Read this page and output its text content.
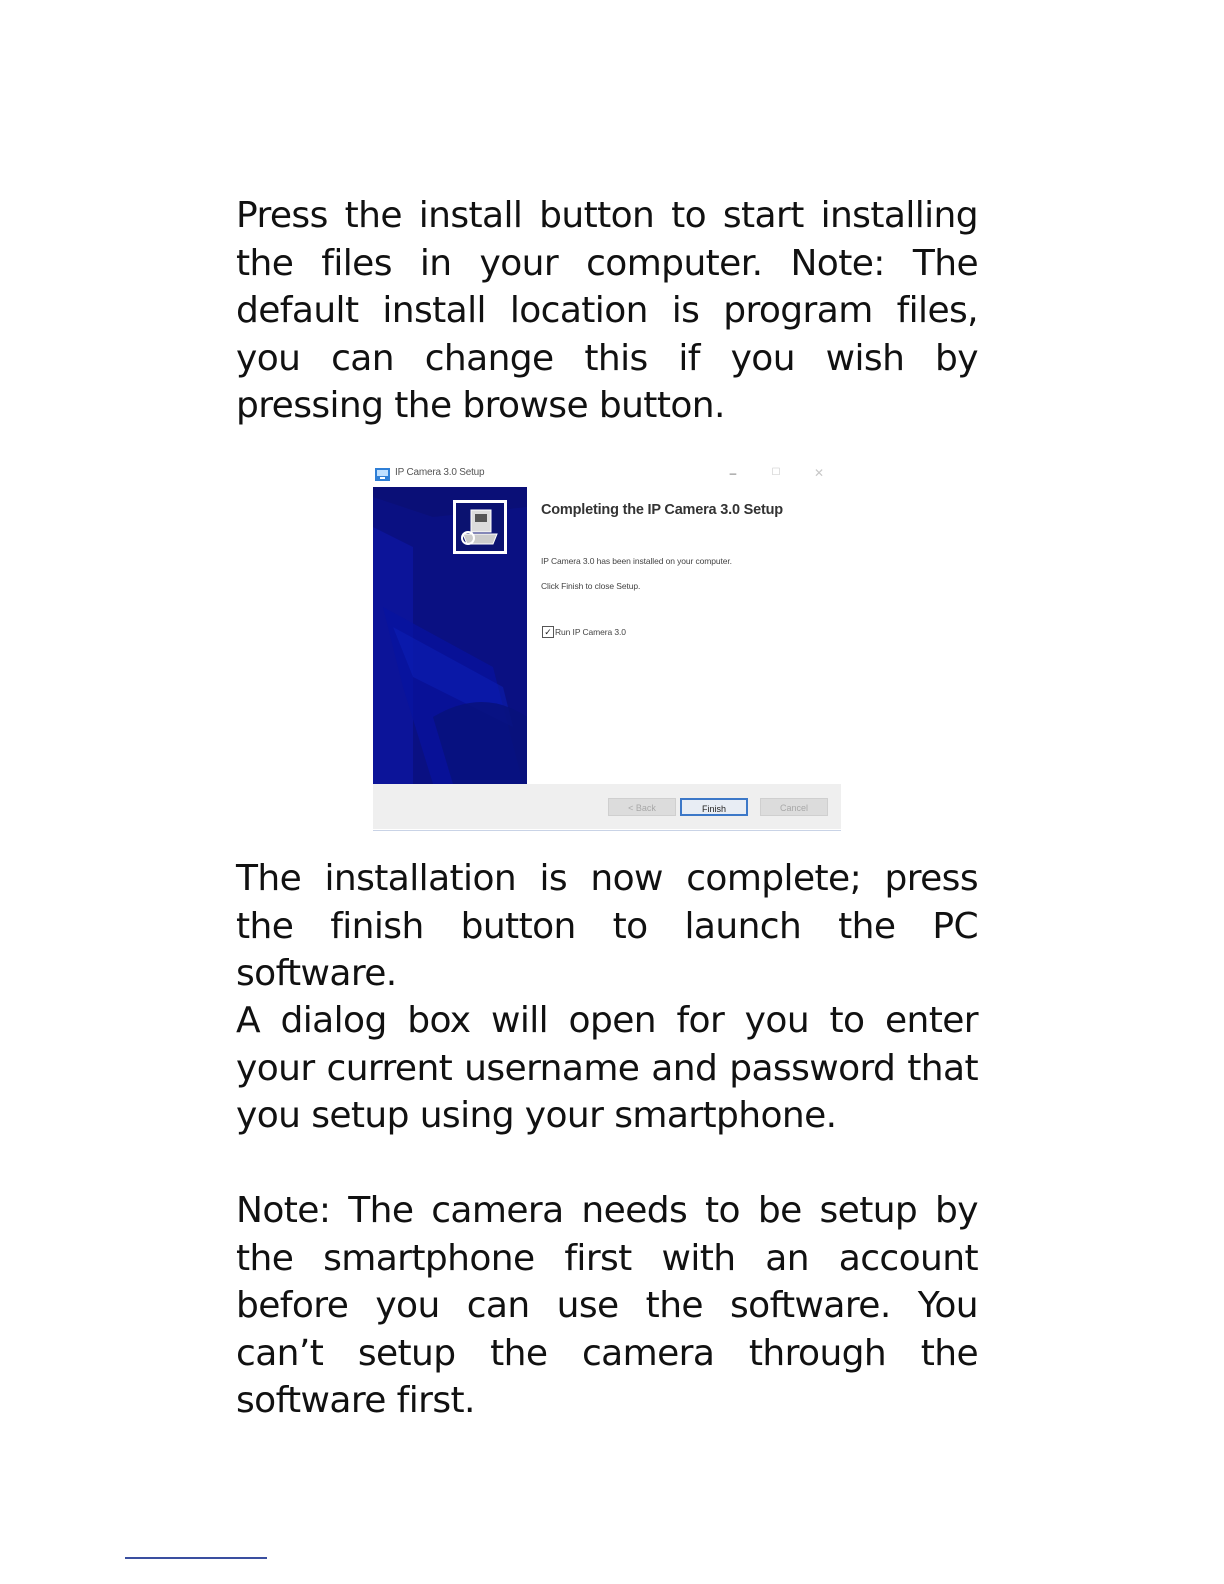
Press the install button to start installing the files in your computer. Note: The default install location is program files, you can change this if you wish by pressing the browse button.

IP Camera 3.0 Setup	–	☐	✕
Completing the IP Camera 3.0 Setup
IP Camera 3.0 has been installed on your computer.
Click Finish to close Setup.
✓ Run IP Camera 3.0
< Back	Finish	Cancel

The installation is now complete; press the finish button to launch the PC software.

A dialog box will open for you to enter your current username and password that you setup using your smartphone.

Note: The camera needs to be setup by the smartphone first with an account before you can use the software. You can’t setup the camera through the software first.
